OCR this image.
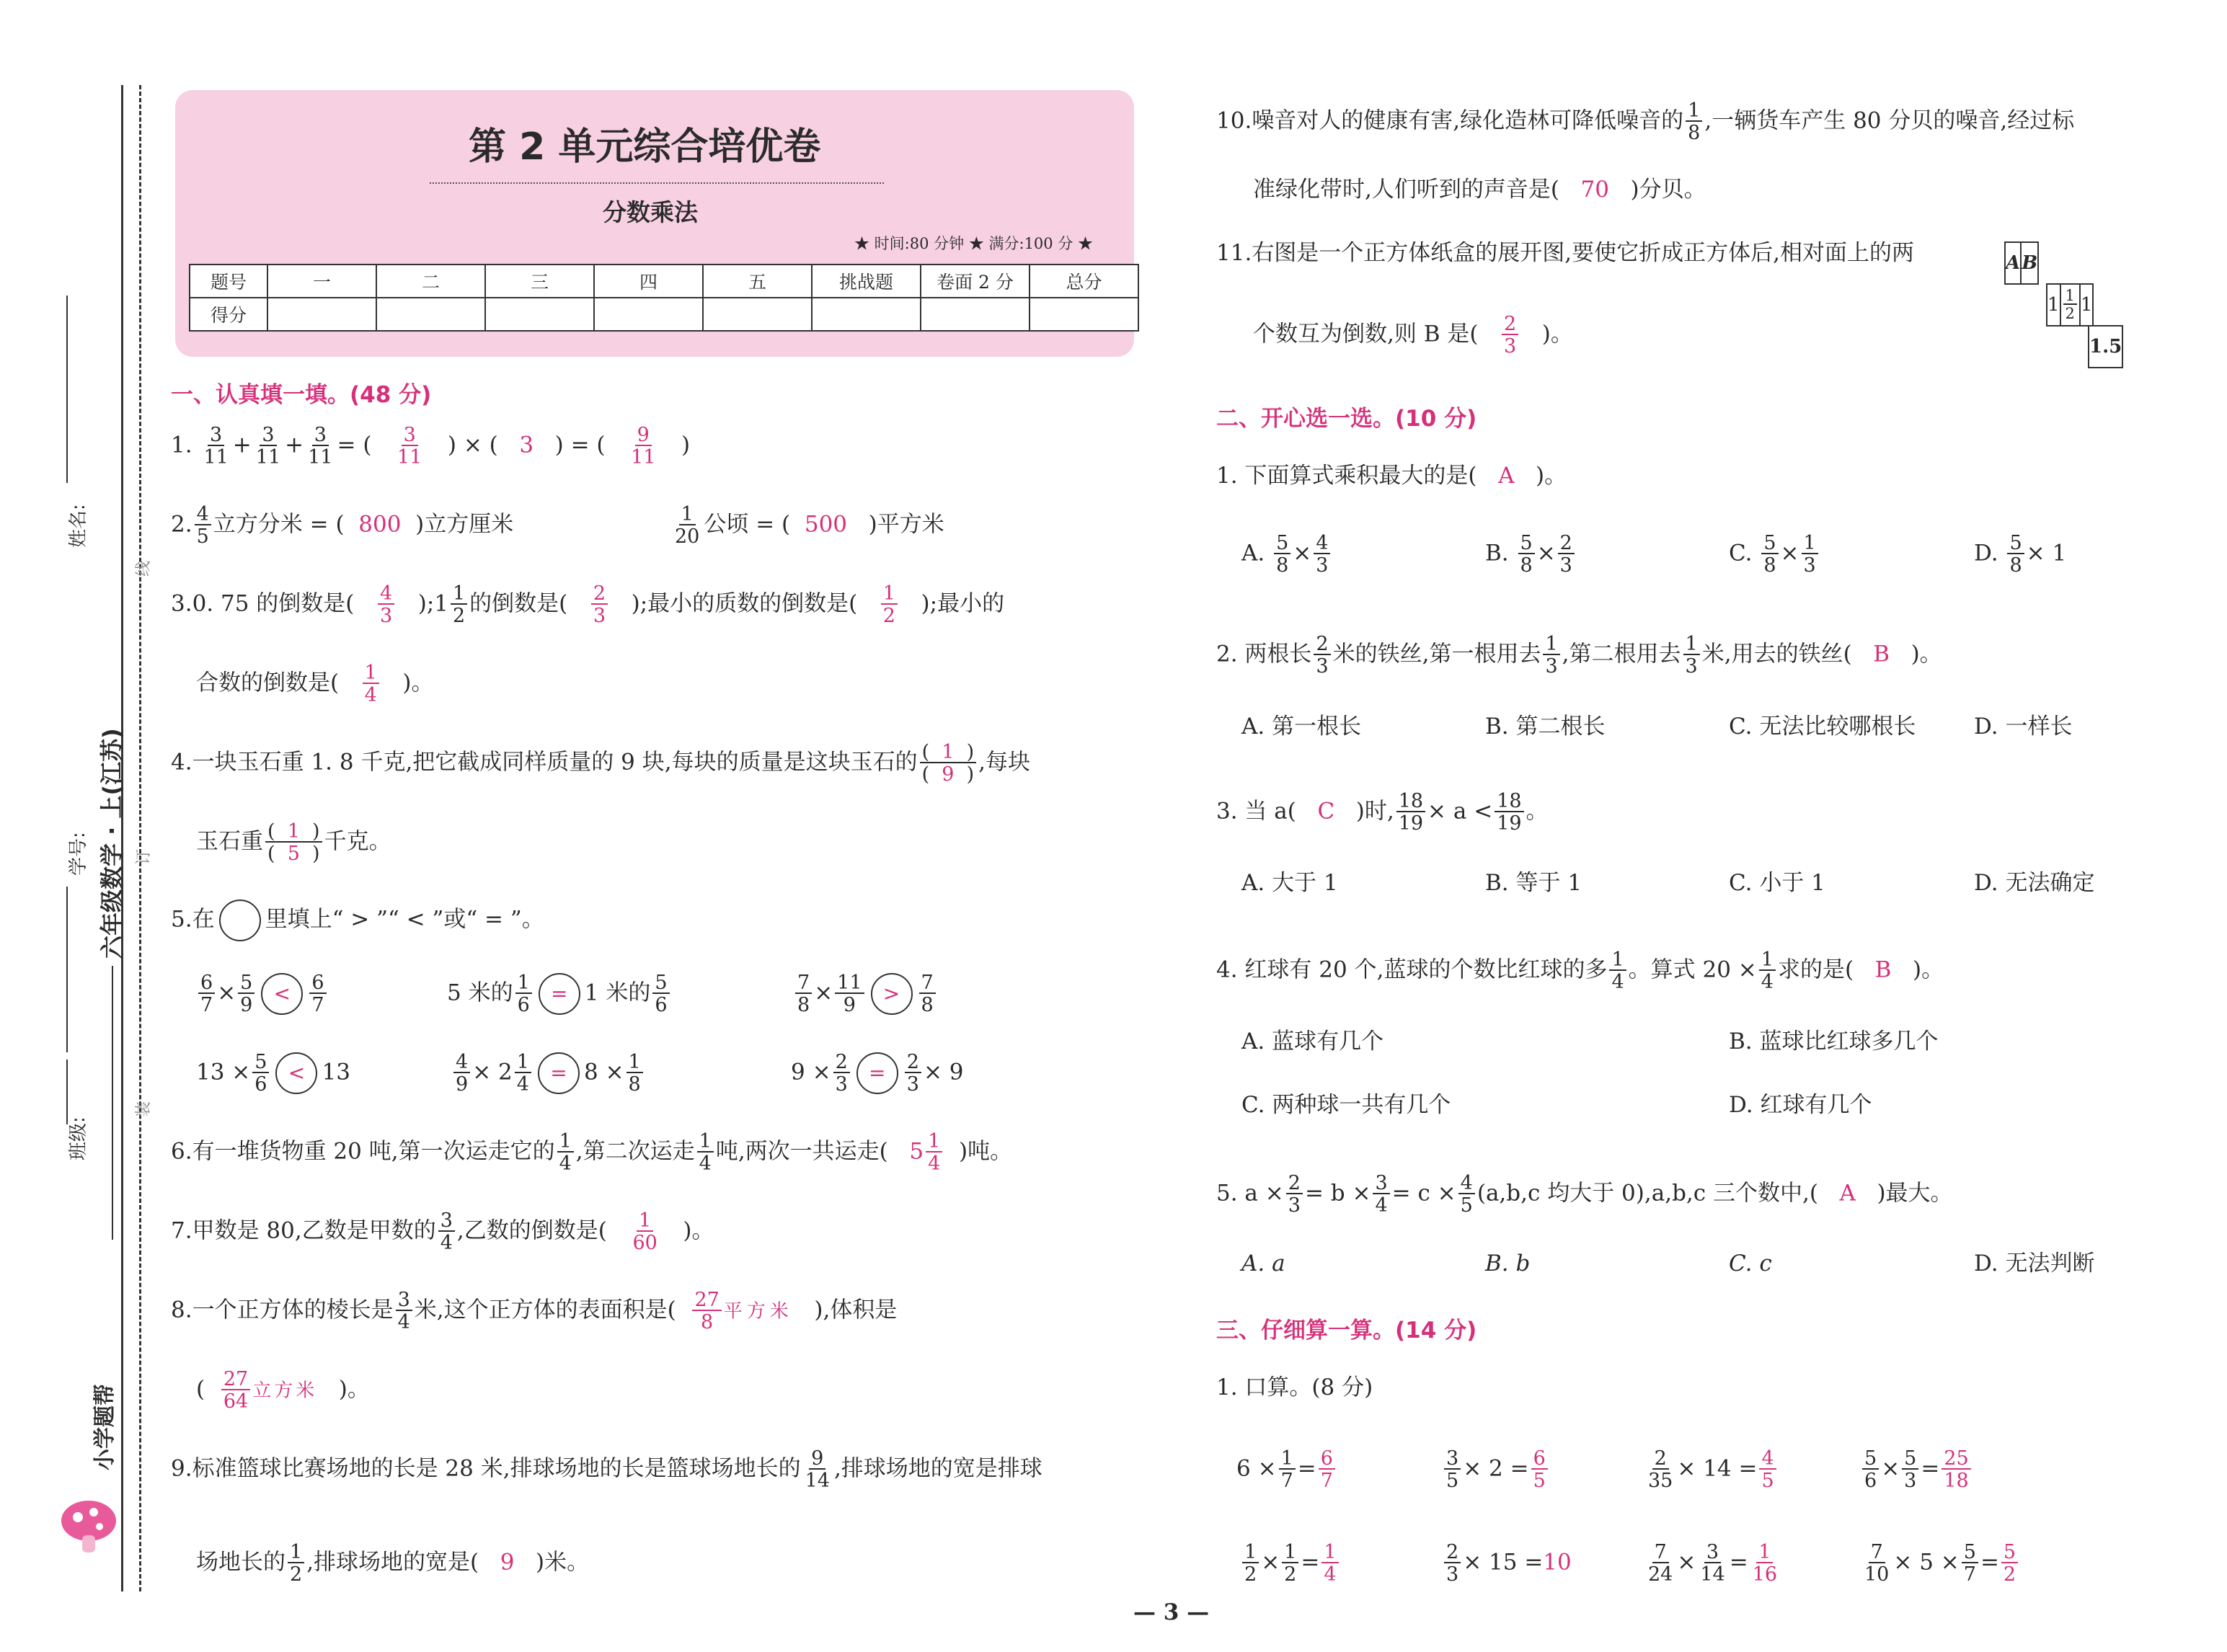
姓名:
学号:
班级:
六年级数学 · 上(江苏)
线
订
装
小学题帮
第 2 单元综合培优卷
分数乘法
★ 时间:80 分钟 ★ 满分:100 分 ★
题号	一	二	三	四	五	挑战题	卷面 2 分	总分
得分								
一、认真填一填。(48 分)
1. $\frac{3}{11} + \frac{3}{11} + \frac{3}{11}$ = ( $\frac{3}{11}$ ) × (   3   ) = ( $\frac{9}{11}$ )
2. $\frac{4}{5}$ 立方分米 = ( 800 )立方厘米	$\frac{1}{20}$ 公顷 = ( 500 )平方米
3.0. 75 的倒数是( $\frac{4}{3}$ );1 $\frac{1}{2}$ 的倒数是( $\frac{2}{3}$ );最小的质数的倒数是( $\frac{1}{2}$ );最小的
合数的倒数是( $\frac{1}{4}$ )。
4.一块玉石重 1. 8 千克,把它截成同样质量的 9 块,每块的质量是这块玉石的 $\frac{( 1 )}{( 9 )}$ ,每块
玉石重 $\frac{( 1 )}{( 5 )}$ 千克。
5.在 里填上“ > ”“ < ”或“ = ”。
$\frac{6}{7} \times \frac{5}{9} < \frac{6}{7}$	5 米的 $\frac{1}{6} = 1$ 米的 $\frac{5}{6}$	$\frac{7}{8} \times \frac{11}{9} > \frac{7}{8}$
$13 \times \frac{5}{6} < 13$	$\frac{4}{9} \times 2 \frac{1}{4} = 8 \times \frac{1}{8}$	$9 \times \frac{2}{3} = \frac{2}{3} \times 9$
6.有一堆货物重 20 吨,第一次运走它的 $\frac{1}{4}$ ,第二次运走 $\frac{1}{4}$ 吨,两次一共运走( $5 \frac{1}{4}$ )吨。
7.甲数是 80,乙数是甲数的 $\frac{3}{4}$ ,乙数的倒数是( $\frac{1}{60}$ )。
8.一个正方体的棱长是 $\frac{3}{4}$ 米,这个正方体的表面积是( $\frac{27}{8}$ 平方米 ),体积是
( $\frac{27}{64}$ 立方米 )。
9.标准篮球比赛场地的长是 28 米,排球场地的长是篮球场地长的 $\frac{9}{14}$ ,排球场地的宽是排球
场地长的 $\frac{1}{2}$ ,排球场地的宽是( 9 )米。
10.噪音对人的健康有害,绿化造林可降低噪音的 $\frac{1}{8}$ ,一辆货车产生 80 分贝的噪音,经过标
准绿化带时,人们听到的声音是( 70 )分贝。
11.右图是一个正方体纸盒的展开图,要使它折成正方体后,相对面上的两
个数互为倒数,则 B 是( $\frac{2}{3}$ )。
A	B
1	$\frac{1}{2}$	1
1.5
二、开心选一选。(10 分)
1. 下面算式乘积最大的是( A )。
A. $\frac{5}{8} \times \frac{4}{3}$	B. $\frac{5}{8} \times \frac{2}{3}$	C. $\frac{5}{8} \times \frac{1}{3}$	D. $\frac{5}{8} \times 1$
2. 两根长 $\frac{2}{3}$ 米的铁丝,第一根用去 $\frac{1}{3}$ ,第二根用去 $\frac{1}{3}$ 米,用去的铁丝( B )。
A. 第一根长	B. 第二根长	C. 无法比较哪根长	D. 一样长
3. 当 a( C )时, $\frac{18}{19} \times a < \frac{18}{19}$ 。
A. 大于 1	B. 等于 1	C. 小于 1	D. 无法确定
4. 红球有 20 个,蓝球的个数比红球的多 $\frac{1}{4}$ 。算式 $20 \times \frac{1}{4}$ 求的是( B )。
A. 蓝球有几个	B. 蓝球比红球多几个
C. 两种球一共有几个	D. 红球有几个
5. $a \times \frac{2}{3} = b \times \frac{3}{4} = c \times \frac{4}{5} (a,b,c$ 均大于 0),a,b,c 三个数中,( A )最大。
A. a	B. b	C. c	D. 无法判断
三、仔细算一算。(14 分)
1. 口算。(8 分)
$6 \times \frac{1}{7} = \frac{6}{7}$	$\frac{3}{5} \times 2 = \frac{6}{5}$	$\frac{2}{35} \times 14 = \frac{4}{5}$	$\frac{5}{6} \times \frac{5}{3} = \frac{25}{18}$
$\frac{1}{2} \times \frac{1}{2} = \frac{1}{4}$	$\frac{2}{3} \times 15 =10$	$\frac{7}{24} \times \frac{3}{14} = \frac{1}{16}$	$\frac{7}{10} \times 5 \times \frac{5}{7} = \frac{5}{2}$
— 3 —
